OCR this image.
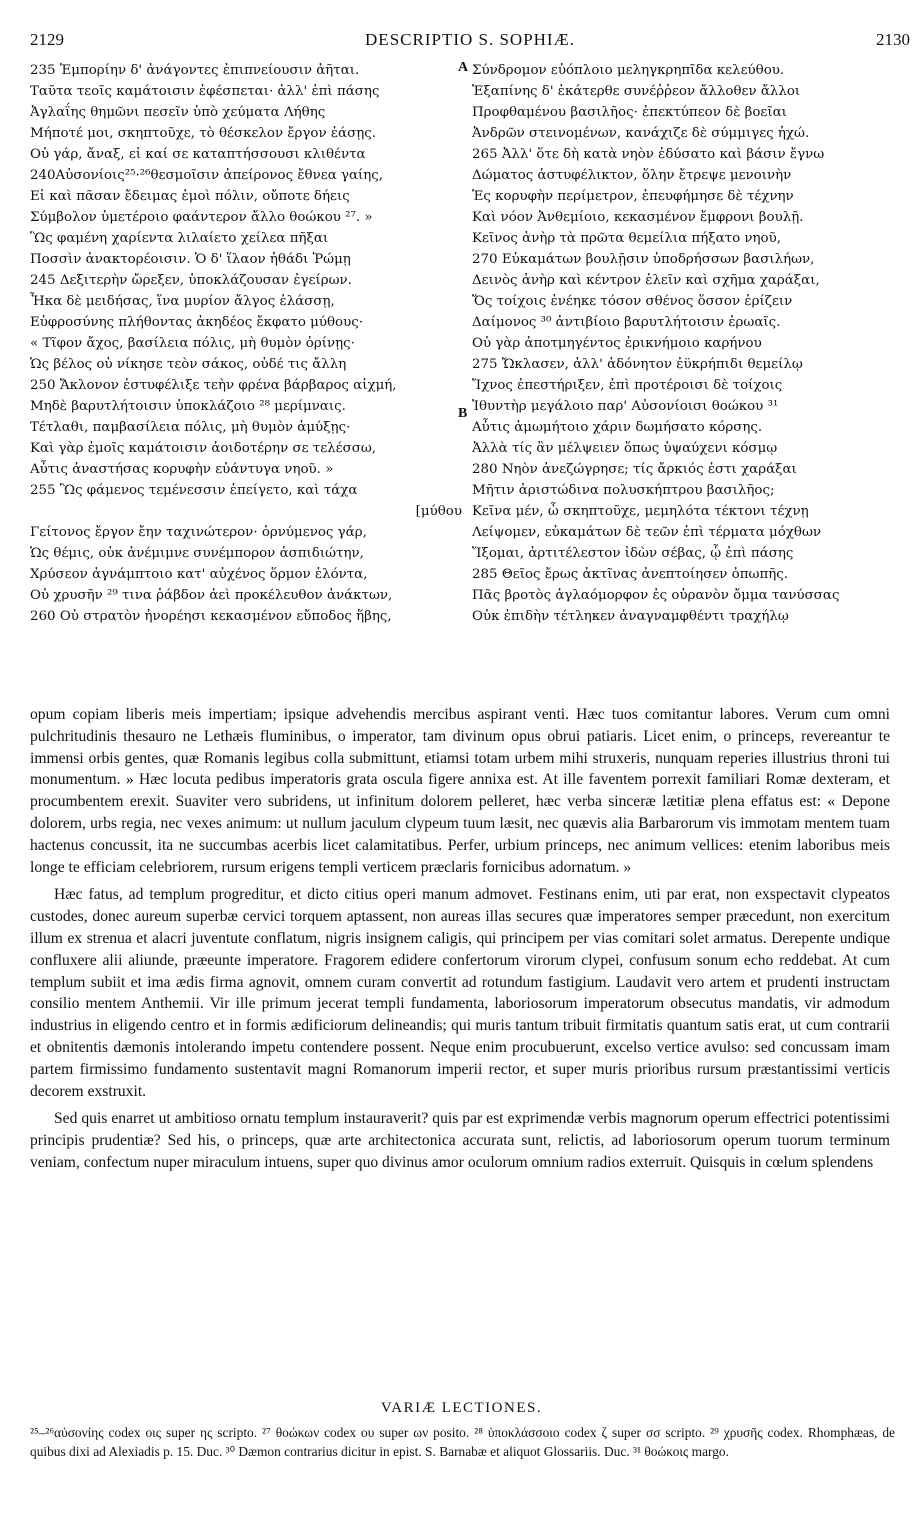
2129	DESCRIPTIO S. SOPHIÆ.	2130
235 Ἐμπορίην δ' ἀνάγοντες ἐπιπνείουσιν ἀῆται.
Ταῦτα τεοῖς καμάτοισιν ἐφέσπεται· ἀλλ' ἐπὶ πάσης
Ἀγλαΐης θημῶνι πεσεῖν ὑπὸ χεύματα Λήθης
Μήποτέ μοι, σκηπτοῦχε, τὸ θέσκελον ἔργον ἐάσῃς.
Οὐ γάρ, ἄναξ, εἰ καί σε καταπτήσσουσι κλιθέντα
240Αὐσονίοις²⁵·²⁶θεσμοῖσιν ἀπείρονος ἔθνεα γαίης,
Εἰ καὶ πᾶσαν ἔδειμας ἐμοὶ πόλιν, οὔποτε δήεις
Σύμβολον ὑμετέροιο φαάντερον ἄλλο θοώκου ²⁷. »
Ὣς φαμένη χαρίεντα λιλαίετο χείλεα πῆξαι
Ποσσὶν ἀνακτορέοισιν. Ὁ δ' ἵλαον ἠθάδι Ῥώμῃ
245 Δεξιτερὴν ὤρεξεν, ὑποκλάζουσαν ἐγείρων.
Ἦκα δὲ μειδήσας, ἵνα μυρίον ἄλγος ἐλάσσῃ,
Εὐφροσύνης πλήθοντας ἀκηδέος ἔκφατο μύθους·
« Τῖφον ἄχος, βασίλεια πόλις, μὴ θυμὸν ὀρίνῃς·
Ὡς βέλος οὐ νίκησε τεὸν σάκος, οὐδέ τις ἄλλη
250 Ἄκλονον ἐστυφέλιξε τεὴν φρένα βάρβαρος αἰχμή,
Μηδὲ βαρυτλήτοισιν ὑποκλάζοιο ²⁸ μερίμναις.
Τέτλαθι, παμβασίλεια πόλις, μὴ θυμὸν ἀμύξῃς·
Καὶ γὰρ ἐμοῖς καμάτοισιν ἀοιδοτέρην σε τελέσσω,
Αὖτις ἀναστήσας κορυφὴν εὐάντυγα νηοῦ. »
255 Ὣς φάμενος τεμένεσσιν ἐπείγετο, καὶ τάχα
[μύθου
Γείτονος ἔργον ἔην ταχινώτερον· ὀρνύμενος γάρ,
Ὡς θέμις, οὐκ ἀνέμιμνε συνέμπορον ἀσπιδιώτην,
Χρύσεον ἀγνάμπτοιο κατ' αὐχένος ὅρμον ἑλόντα,
Οὐ χρυσῆν ²⁹ τινα ῥάβδον ἀεὶ προκέλευθον ἀνάκτων,
260 Οὐ στρατὸν ἠνορέησι κεκασμένον εὔποδος ἥβης,
Σύνδρομον εὐόπλοιο μεληγκρηπῖδα κελεύθου.
Ἐξαπίνης δ' ἑκάτερθε συνέῤῥεον ἄλλοθεν ἄλλοι
Προφθαμένου βασιλῆος· ἐπεκτύπεον δὲ βοεῖαι
Ἀνδρῶν στεινομένων, κανάχιζε δὲ σύμμιγες ἠχώ.
265 Ἀλλ' ὅτε δὴ κατὰ νηὸν ἐδύσατο καὶ βάσιν ἔγνω
Δώματος ἀστυφέλικτον, ὅλην ἔτρεψε μενοινὴν
Ἐς κορυφὴν περίμετρον, ἐπευφήμησε δὲ τέχνην
Καὶ νόον Ἀνθεμίοιο, κεκασμένον ἔμφρονι βουλῇ.
Κεῖνος ἀνὴρ τὰ πρῶτα θεμείλια πήξατο νηοῦ,
270 Εὐκαμάτων βουλῇσιν ὑποδρήσσων βασιλήων,
Δεινὸς ἀνὴρ καὶ κέντρον ἑλεῖν καὶ σχῆμα χαράξαι,
Ὅς τοίχοις ἐνέηκε τόσον σθένος ὅσσον ἐρίζειν
Δαίμονος ³⁰ ἀντιβίοιο βαρυτλήτοισιν ἐρωαῖς.
Οὐ γὰρ ἀποτμηγέντος ἐρικνήμοιο καρήνου
275 Ὤκλασεν, ἀλλ' ἀδόνητον ἐϋκρήπιδι θεμείλῳ
Ἴχνος ἐπεστήριξεν, ἐπὶ προτέροισι δὲ τοίχοις
Ἰθυντὴρ μεγάλοιο παρ' Αὐσονίοισι θοώκου ³¹
Αὖτις ἀμωμήτοιο χάριν δωμήσατο κόρσης.
Ἀλλὰ τίς ἂν μέλψειεν ὅπως ὑψαύχενι κόσμῳ
280 Νηὸν ἀνεζώγρησε; τίς ἄρκιός ἐστι χαράξαι
Μῆτιν ἀριστώδινα πολυσκήπτρου βασιλῆος;
Κεῖνα μέν, ὦ σκηπτοῦχε, μεμηλότα τέκτονι τέχνῃ
Λείψομεν, εὐκαμάτων δὲ τεῶν ἐπὶ τέρματα μόχθων
Ἵξομαι, ἀρτιτέλεστον ἰδὼν σέβας, ᾧ ἐπὶ πάσης
285 Θεῖος ἔρως ἀκτῖνας ἀνεπτοίησεν ὀπωπῆς.
Πᾶς βροτὸς ἀγλαόμορφον ἐς οὐρανὸν ὄμμα τανύσσας
Οὐκ ἐπιδὴν τέτληκεν ἀναγναμφθέντι τραχήλῳ
A
B

opum copiam liberis meis impertiam; ipsique advehendis mercibus aspirant venti. Hæc tuos comitantur labores. Verum cum omni pulchritudinis thesauro ne Lethæis fluminibus, o imperator, tam divinum opus obrui patiaris. Licet enim, o princeps, revereantur te immensi orbis gentes, quæ Romanis legibus colla submittunt, etiamsi totam urbem mihi struxeris, nunquam reperies illustrius throni tui monumentum. » Hæc locuta pedibus imperatoris grata oscula figere annixa est. At ille faventem porrexit familiari Romæ dexteram, et procumbentem erexit. Suaviter vero subridens, ut infinitum dolorem pelleret, hæc verba sinceræ lætitiæ plena effatus est: « Depone dolorem, urbs regia, nec vexes animum: ut nullum jaculum clypeum tuum læsit, nec quævis alia Barbarorum vis immotam mentem tuam hactenus concussit, ita ne succumbas acerbis licet calamitatibus. Perfer, urbium princeps, nec animum vellices: etenim laboribus meis longe te efficiam celebriorem, rursum erigens templi verticem præclaris fornicibus adornatum. »

Hæc fatus, ad templum progreditur, et dicto citius operi manum admovet. Festinans enim, uti par erat, non exspectavit clypeatos custodes, donec aureum superbæ cervici torquem aptassent, non aureas illas secures quæ imperatores semper præcedunt, non exercitum illum ex strenua et alacri juventute conflatum, nigris insignem caligis, qui principem per vias comitari solet armatus. Derepente undique confluxere alii aliunde, præeunte imperatore. Fragorem edidere confertorum virorum clypei, confusum sonum echo reddebat. At cum templum subiit et ima ædis firma agnovit, omnem curam convertit ad rotundum fastigium. Laudavit vero artem et prudenti instructam consilio mentem Anthemii. Vir ille primum jecerat templi fundamenta, laboriosorum imperatorum obsecutus mandatis, vir admodum industrius in eligendo centro et in formis ædificiorum delineandis; qui muris tantum tribuit firmitatis quantum satis erat, ut cum contrarii et obnitentis dæmonis intolerando impetu contendere possent. Neque enim procubuerunt, excelso vertice avulso: sed concussam imam partem firmissimo fundamento sustentavit magni Romanorum imperii rector, et super muris prioribus rursum præstantissimi verticis decorem exstruxit.

Sed quis enarret ut ambitioso ornatu templum instauraverit? quis par est exprimendæ verbis magnorum operum effectrici potentissimi principis prudentiæ? Sed his, o princeps, quæ arte architectonica accurata sunt, relictis, ad laboriosorum operum tuorum terminum veniam, confectum nuper miraculum intuens, super quo divinus amor oculorum omnium radios exterruit. Quisquis in cœlum splendens

VARIÆ LECTIONES.
²⁵–²⁶αὐσονίης codex οις super ης scripto. ²⁷ θοώκων codex ου super ων posito. ²⁸ ὑποκλάσσοιο codex ζ super σσ scripto. ²⁹ χρυσῆς codex. Rhomphæas, de quibus dixi ad Alexiadis p. 15. Duc. ³⁰ Dæmon contrarius dicitur in epist. S. Barnabæ et aliquot Glossariis. Duc. ³¹ θοώκοις margo.
